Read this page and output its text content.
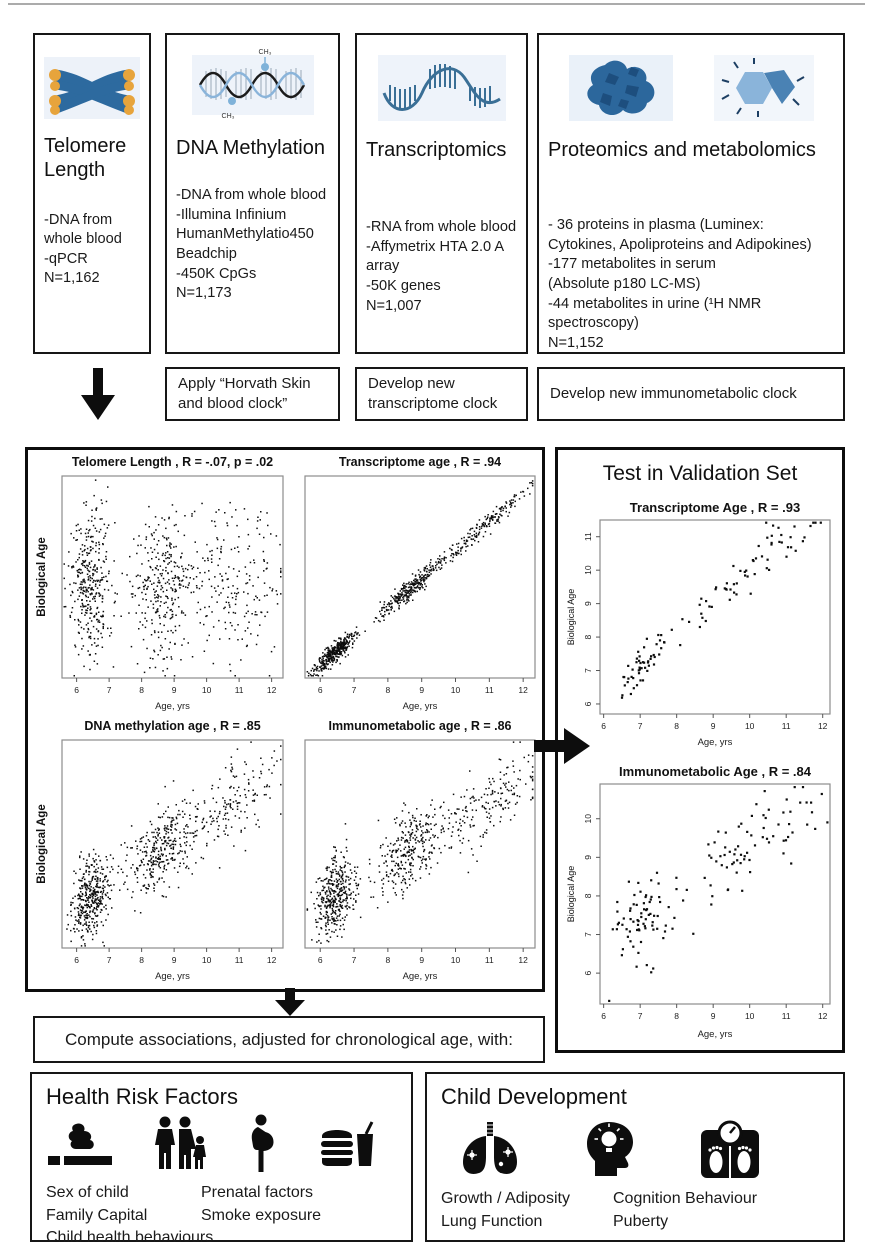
Telomere Length
-DNA from whole blood
-qPCR
N=1,162
CH₃
CH₃
DNA Methylation
-DNA from whole blood
-Illumina Infinium HumanMethylatio450 Beadchip
-450K CpGs
N=1,173
Transcriptomics
-RNA from whole blood
-Affymetrix HTA 2.0 A array
-50K genes
N=1,007
Proteomics and metabolomics
- 36 proteins in plasma (Luminex: Cytokines, Apoliproteins and Adipokines)
-177 metabolites in serum
(Absolute p180 LC-MS)
-44 metabolites in urine (¹H NMR spectroscopy)
N=1,152
Apply “Horvath Skin and blood clock”
Develop new transcriptome clock
Develop new immunometabolic clock
Telomere Length , R = -.07, p = .02
6	7	8	9	10	11	12
Age, yrs
Biological Age
Transcriptome age , R = .94
6	7	8	9	10	11	12
Age, yrs
DNA methylation age , R = .85
6	7	8	9	10	11	12
Age, yrs
Biological Age
Immunometabolic age , R = .86
6	7	8	9	10	11	12
Age, yrs
Test in Validation Set
Transcriptome Age , R = .93
6	7	8	9	10	11	12
Age, yrs
6
7
8
9
10
11
Biological Age
Immunometabolic Age , R = .84
6	7	8	9	10	11	12
Age, yrs
6
7
8
9
10
Biological Age
Compute associations, adjusted for chronological age, with:
Health Risk Factors
Sex of child	Prenatal factors
Family Capital	Smoke exposure
Child health behaviours
Child Development
Growth / Adiposity	Cognition Behaviour
Lung Function	Puberty
